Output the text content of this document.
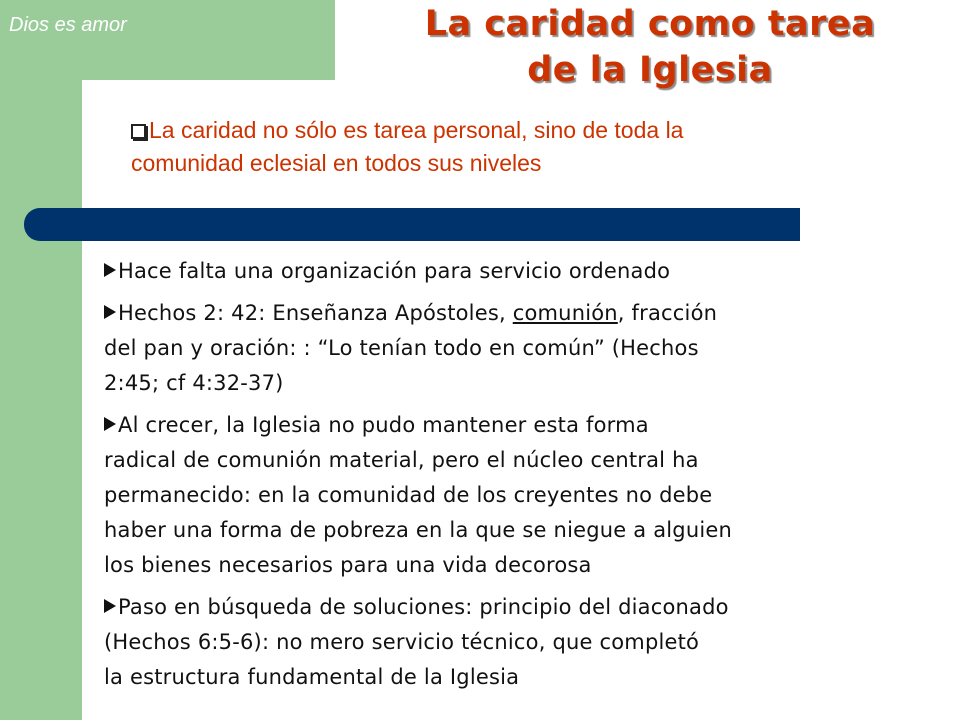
Dios es amor	La caridad como tarea
de la Iglesia
La caridad no sólo es tarea personal, sino de toda la
comunidad eclesial en todos sus niveles
Hace falta una organización para servicio ordenado
Hechos 2: 42: Enseñanza Apóstoles, comunión, fracción
del pan y oración: : “Lo tenían todo en común” (Hechos
2:45; cf 4:32-37)
Al crecer, la Iglesia no pudo mantener esta forma
radical de comunión material, pero el núcleo central ha
permanecido: en la comunidad de los creyentes no debe
haber una forma de pobreza en la que se niegue a alguien
los bienes necesarios para una vida decorosa
Paso en búsqueda de soluciones: principio del diaconado
(Hechos 6:5-6): no mero servicio técnico, que completó
la estructura fundamental de la Iglesia
